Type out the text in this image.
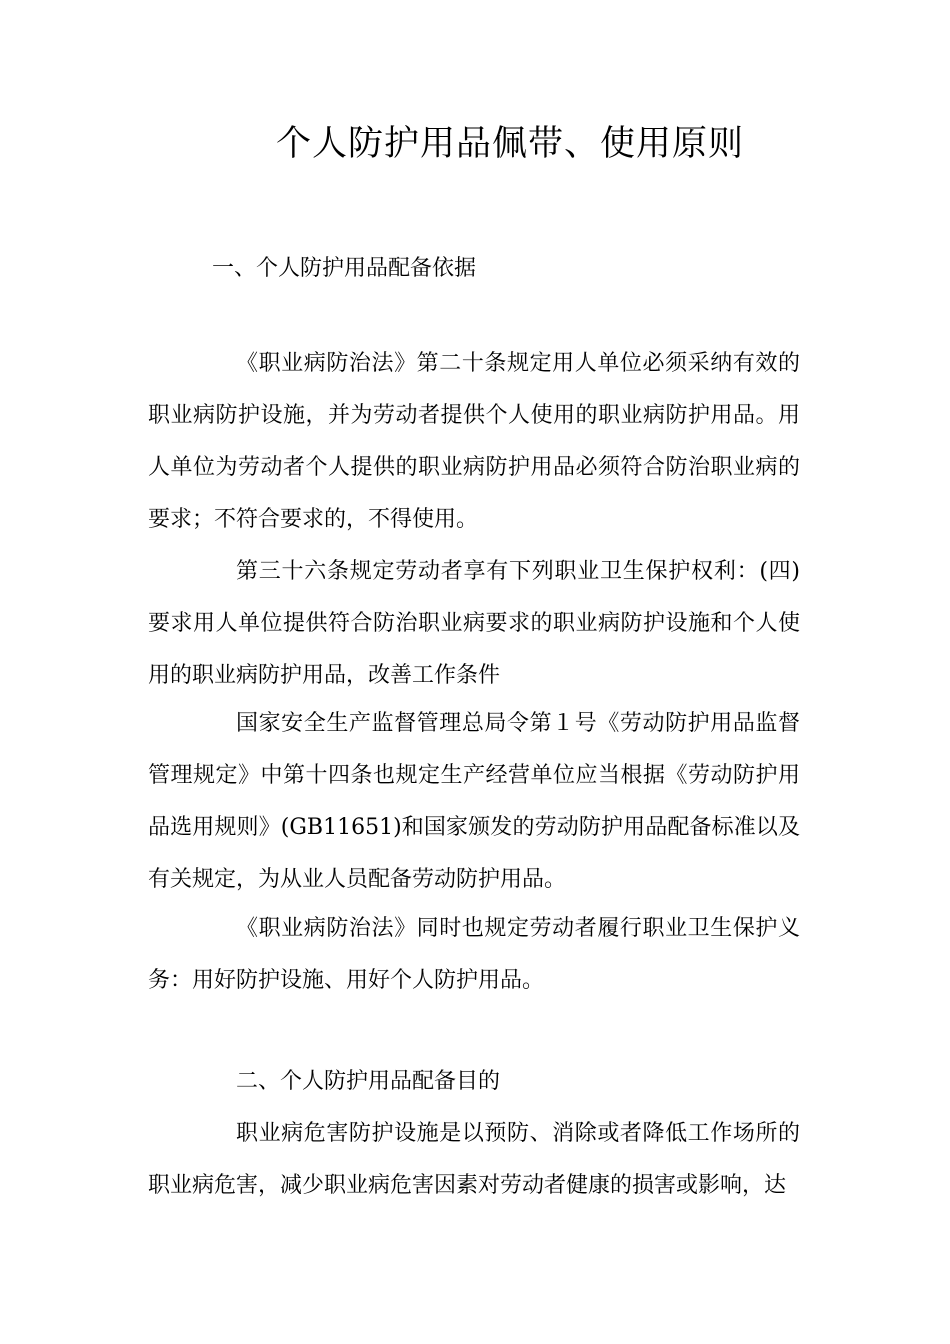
个人防护用品佩带、使用原则
一、个人防护用品配备依据

《职业病防治法》第二十条规定用人单位必须采纳有效的职业病防护设施，并为劳动者提供个人使用的职业病防护用品。用人单位为劳动者个人提供的职业病防护用品必须符合防治职业病的要求；不符合要求的，不得使用。

第三十六条规定劳动者享有下列职业卫生保护权利：(四)要求用人单位提供符合防治职业病要求的职业病防护设施和个人使用的职业病防护用品，改善工作条件

国家安全生产监督管理总局令第１号《劳动防护用品监督管理规定》中第十四条也规定生产经营单位应当根据《劳动防护用品选用规则》(GB11651)和国家颁发的劳动防护用品配备标准以及有关规定，为从业人员配备劳动防护用品。

《职业病防治法》同时也规定劳动者履行职业卫生保护义务：用好防护设施、用好个人防护用品。

二、个人防护用品配备目的

职业病危害防护设施是以预防、消除或者降低工作场所的职业病危害，减少职业病危害因素对劳动者健康的损害或影响，达
